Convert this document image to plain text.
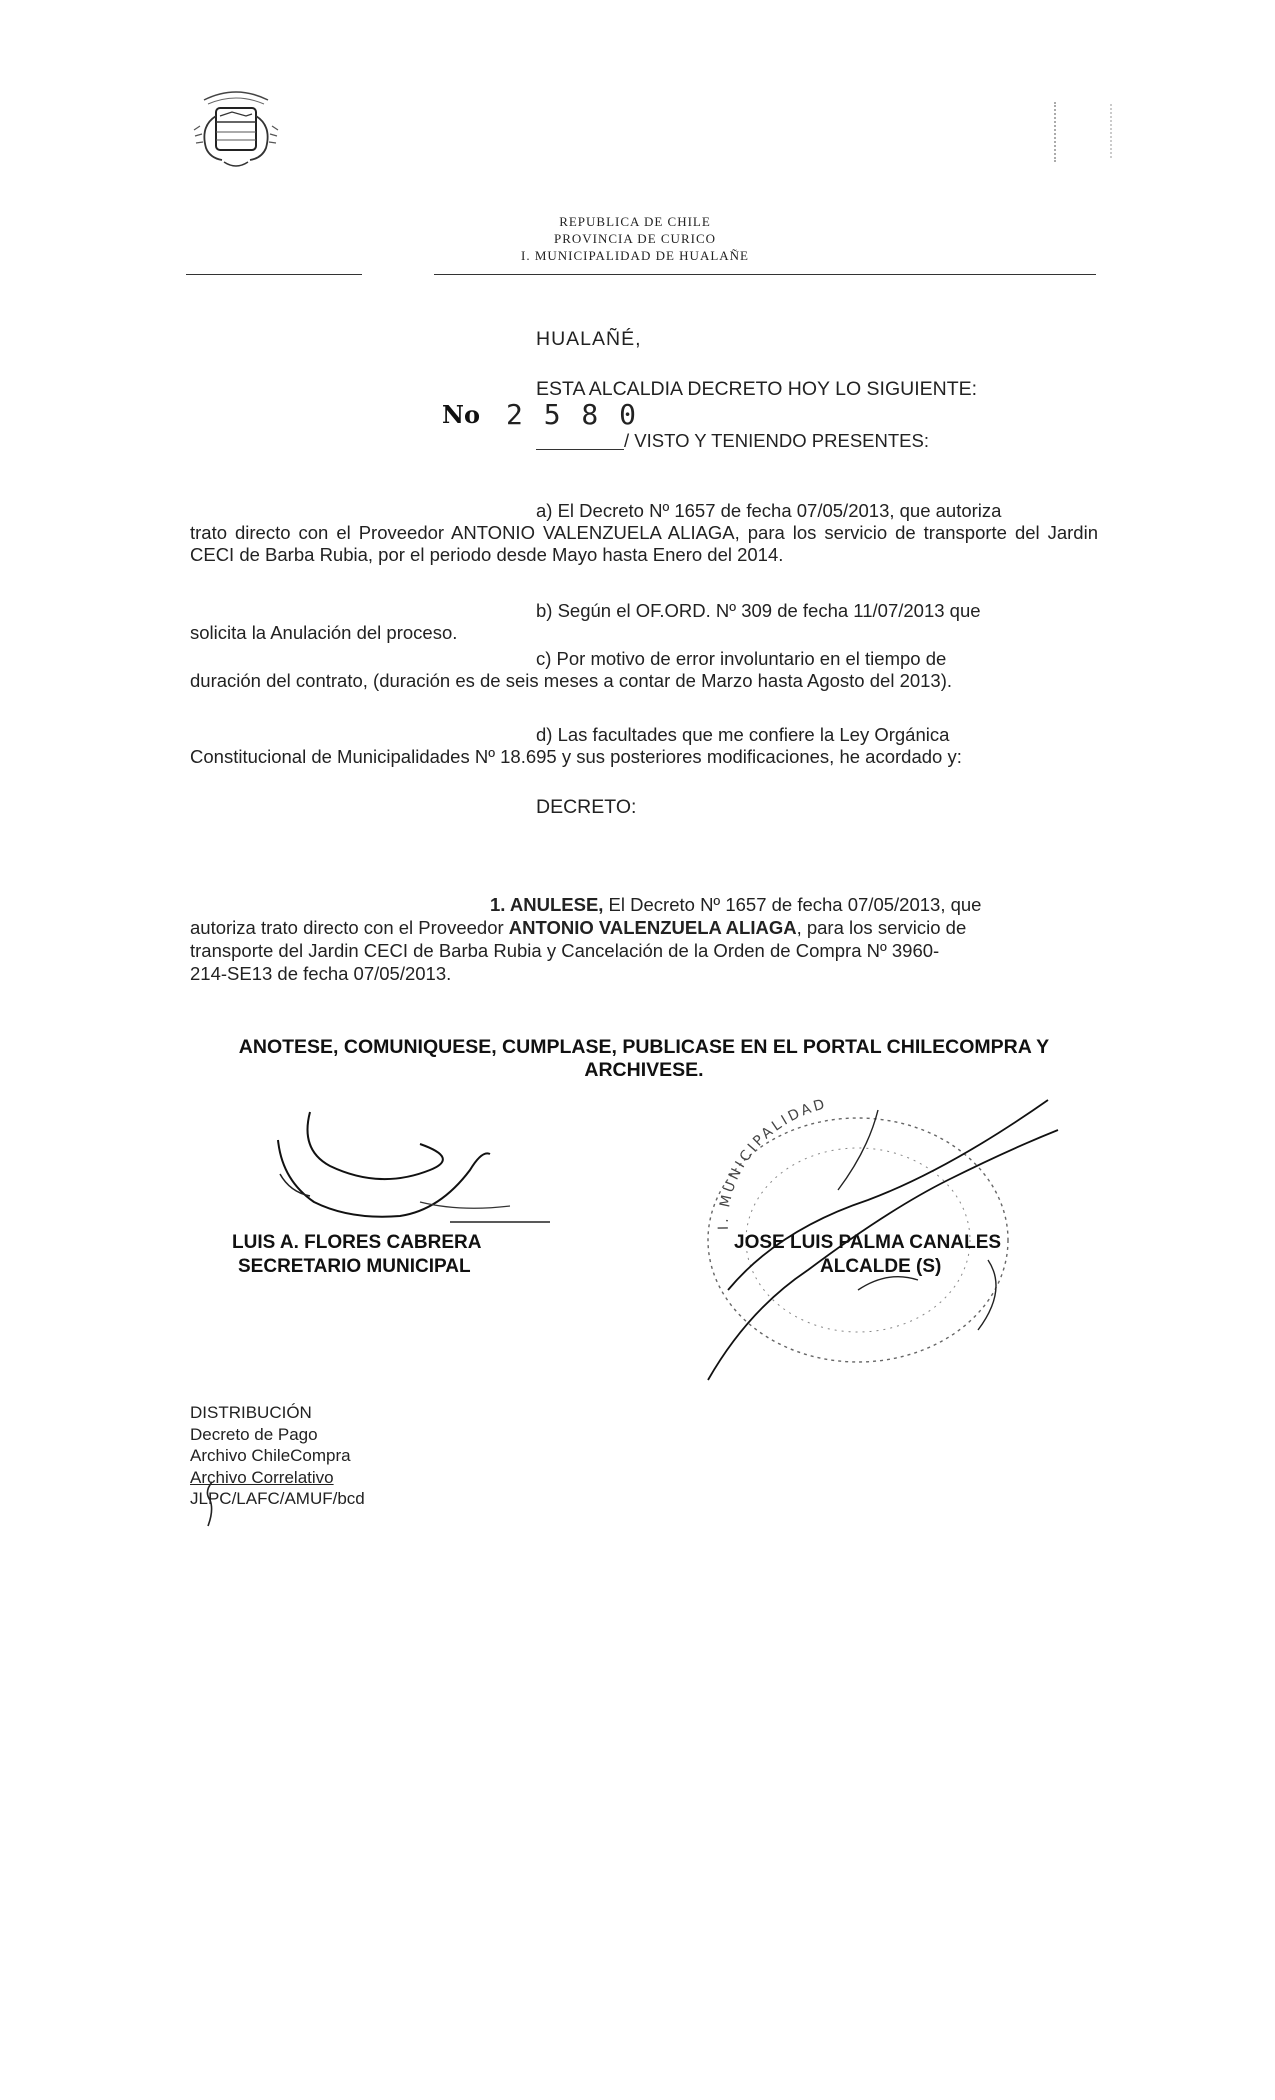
REPUBLICA DE CHILE
PROVINCIA DE CURICO
I. MUNICIPALIDAD DE HUALAÑE
HUALAÑÉ,
ESTA ALCALDIA DECRETO HOY LO SIGUIENTE:
No 2 5 8 0
/ VISTO Y TENIENDO PRESENTES:
a) El Decreto Nº 1657 de fecha 07/05/2013, que autoriza
trato directo con el Proveedor ANTONIO VALENZUELA ALIAGA, para los servicio de transporte del Jardin CECI de Barba Rubia, por el periodo desde Mayo hasta Enero del 2014.
b) Según el OF.ORD. Nº 309 de fecha 11/07/2013 que
solicita la Anulación del proceso.
c) Por motivo de error involuntario en el tiempo de
duración del contrato, (duración es de seis meses a contar de Marzo hasta Agosto del 2013).
d) Las facultades que me confiere la Ley Orgánica
Constitucional de Municipalidades Nº 18.695 y sus posteriores modificaciones, he acordado y:
DECRETO:
1. ANULESE, El Decreto Nº 1657 de fecha 07/05/2013, que
autoriza trato directo con el Proveedor ANTONIO VALENZUELA ALIAGA, para los servicio de
transporte del Jardin CECI de Barba Rubia y Cancelación de la Orden de Compra Nº 3960-
214-SE13 de fecha 07/05/2013.
ANOTESE, COMUNIQUESE, CUMPLASE, PUBLICASE EN EL PORTAL CHILECOMPRA Y
ARCHIVESE.
I. MUNICIPALIDAD
LUIS A. FLORES CABRERA
SECRETARIO MUNICIPAL
JOSE LUIS PALMA CANALES
ALCALDE (S)
DISTRIBUCIÓN
Decreto de Pago
Archivo ChileCompra
Archivo Correlativo
JLPC/LAFC/AMUF/bcd
